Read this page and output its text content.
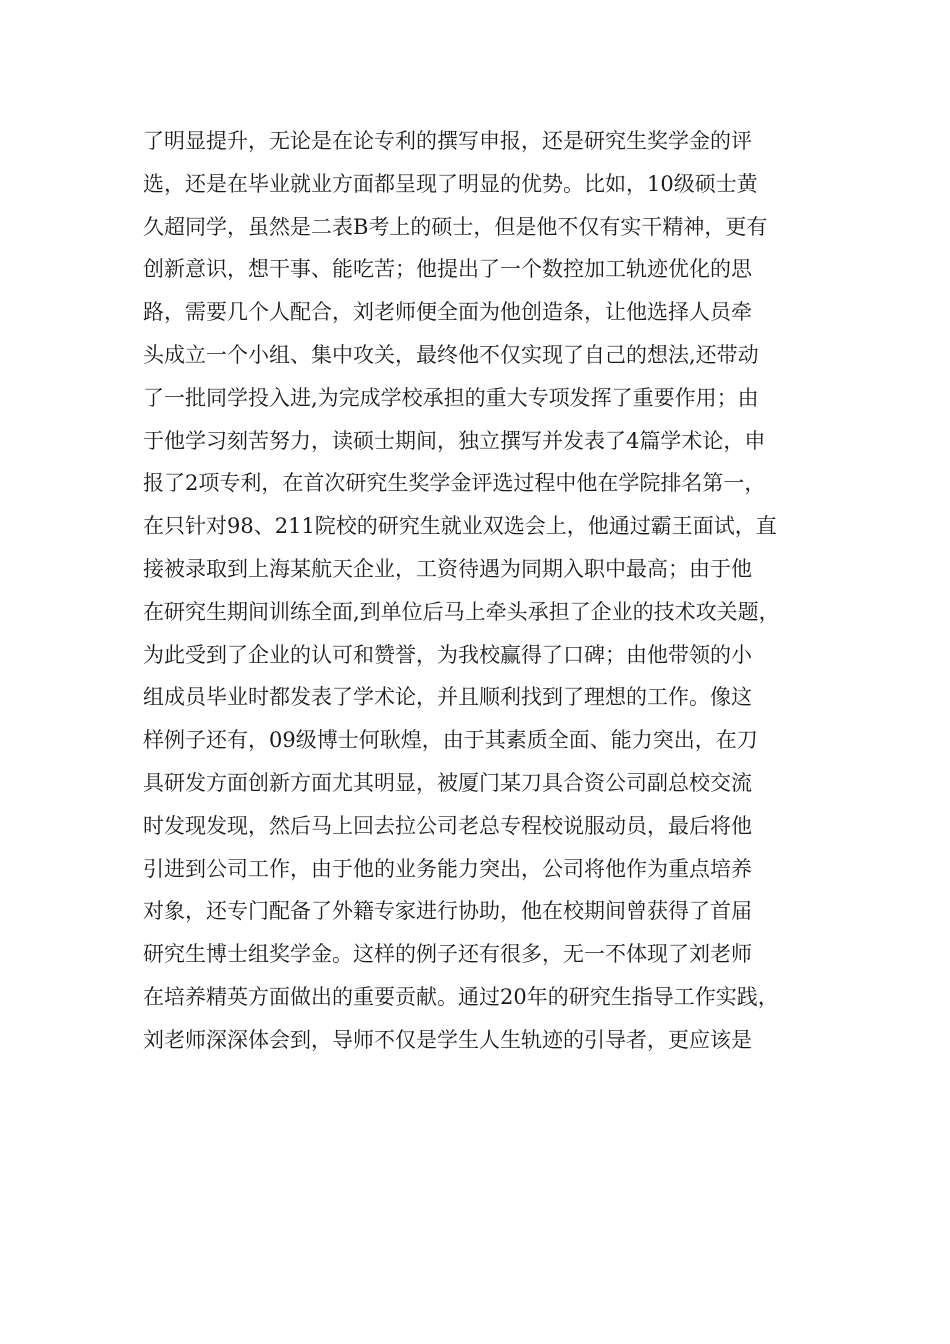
了明显提升，无论是在论专利的撰写申报，还是研究生奖学金的评
选，还是在毕业就业方面都呈现了明显的优势。比如，10级硕士黄
久超同学，虽然是二表B考上的硕士，但是他不仅有实干精神，更有
创新意识，想干事、能吃苦；他提出了一个数控加工轨迹优化的思
路，需要几个人配合，刘老师便全面为他创造条，让他选择人员牵
头成立一个小组、集中攻关，最终他不仅实现了自己的想法,还带动
了一批同学投入进,为完成学校承担的重大专项发挥了重要作用；由
于他学习刻苦努力，读硕士期间，独立撰写并发表了4篇学术论，申
报了2项专利，在首次研究生奖学金评选过程中他在学院排名第一，
在只针对98、211院校的研究生就业双选会上，他通过霸王面试，直
接被录取到上海某航天企业，工资待遇为同期入职中最高；由于他
在研究生期间训练全面,到单位后马上牵头承担了企业的技术攻关题，
为此受到了企业的认可和赞誉，为我校赢得了口碑；由他带领的小
组成员毕业时都发表了学术论，并且顺利找到了理想的工作。像这
样例子还有，09级博士何耿煌，由于其素质全面、能力突出，在刀
具研发方面创新方面尤其明显，被厦门某刀具合资公司副总校交流
时发现发现，然后马上回去拉公司老总专程校说服动员，最后将他
引进到公司工作，由于他的业务能力突出，公司将他作为重点培养
对象，还专门配备了外籍专家进行协助，他在校期间曾获得了首届
研究生博士组奖学金。这样的例子还有很多，无一不体现了刘老师
在培养精英方面做出的重要贡献。通过20年的研究生指导工作实践，
刘老师深深体会到，导师不仅是学生人生轨迹的引导者，更应该是
